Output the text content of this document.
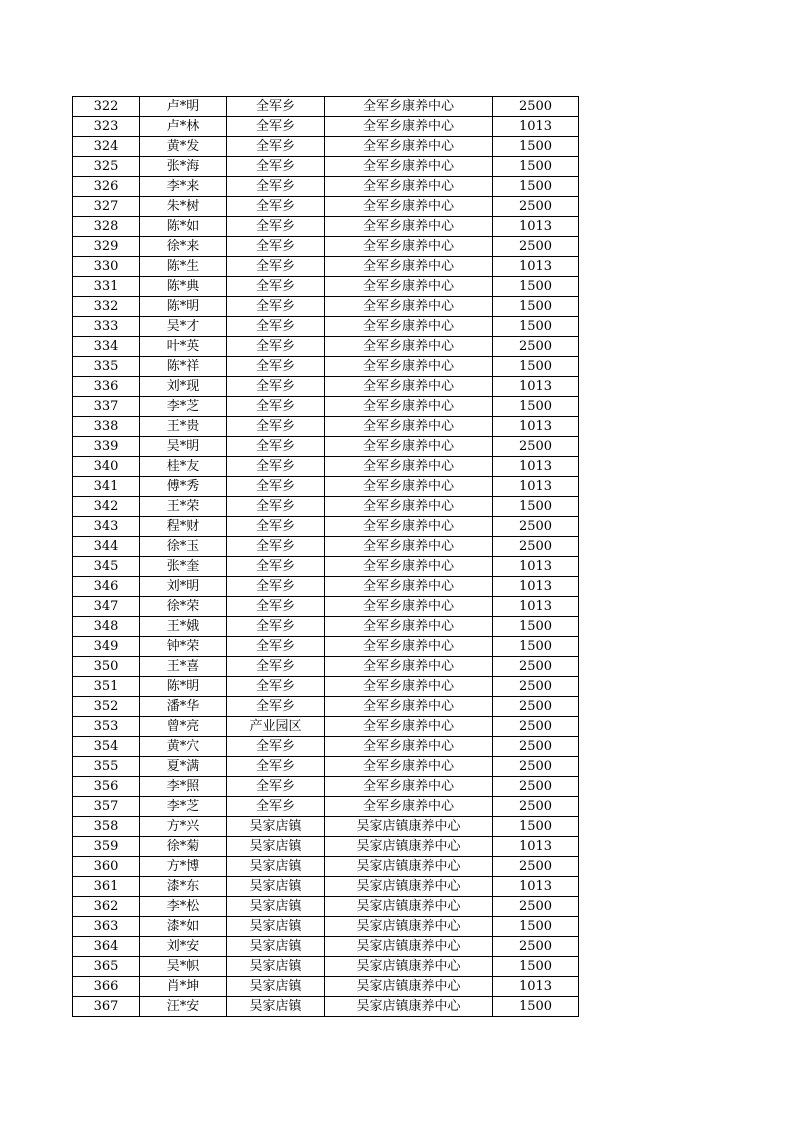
322	卢*明	全军乡	全军乡康养中心	2500
323	卢*林	全军乡	全军乡康养中心	1013
324	黄*发	全军乡	全军乡康养中心	1500
325	张*海	全军乡	全军乡康养中心	1500
326	李*来	全军乡	全军乡康养中心	1500
327	朱*树	全军乡	全军乡康养中心	2500
328	陈*如	全军乡	全军乡康养中心	1013
329	徐*来	全军乡	全军乡康养中心	2500
330	陈*生	全军乡	全军乡康养中心	1013
331	陈*典	全军乡	全军乡康养中心	1500
332	陈*明	全军乡	全军乡康养中心	1500
333	吴*才	全军乡	全军乡康养中心	1500
334	叶*英	全军乡	全军乡康养中心	2500
335	陈*祥	全军乡	全军乡康养中心	1500
336	刘*现	全军乡	全军乡康养中心	1013
337	李*芝	全军乡	全军乡康养中心	1500
338	王*贵	全军乡	全军乡康养中心	1013
339	吴*明	全军乡	全军乡康养中心	2500
340	桂*友	全军乡	全军乡康养中心	1013
341	傅*秀	全军乡	全军乡康养中心	1013
342	王*荣	全军乡	全军乡康养中心	1500
343	程*财	全军乡	全军乡康养中心	2500
344	徐*玉	全军乡	全军乡康养中心	2500
345	张*奎	全军乡	全军乡康养中心	1013
346	刘*明	全军乡	全军乡康养中心	1013
347	徐*荣	全军乡	全军乡康养中心	1013
348	王*娥	全军乡	全军乡康养中心	1500
349	钟*荣	全军乡	全军乡康养中心	1500
350	王*喜	全军乡	全军乡康养中心	2500
351	陈*明	全军乡	全军乡康养中心	2500
352	潘*华	全军乡	全军乡康养中心	2500
353	曾*亮	产业园区	全军乡康养中心	2500
354	黄*穴	全军乡	全军乡康养中心	2500
355	夏*满	全军乡	全军乡康养中心	2500
356	李*照	全军乡	全军乡康养中心	2500
357	李*芝	全军乡	全军乡康养中心	2500
358	方*兴	吴家店镇	吴家店镇康养中心	1500
359	徐*菊	吴家店镇	吴家店镇康养中心	1013
360	方*博	吴家店镇	吴家店镇康养中心	2500
361	漆*东	吴家店镇	吴家店镇康养中心	1013
362	李*松	吴家店镇	吴家店镇康养中心	2500
363	漆*如	吴家店镇	吴家店镇康养中心	1500
364	刘*安	吴家店镇	吴家店镇康养中心	2500
365	吴*帜	吴家店镇	吴家店镇康养中心	1500
366	肖*坤	吴家店镇	吴家店镇康养中心	1013
367	汪*安	吴家店镇	吴家店镇康养中心	1500
